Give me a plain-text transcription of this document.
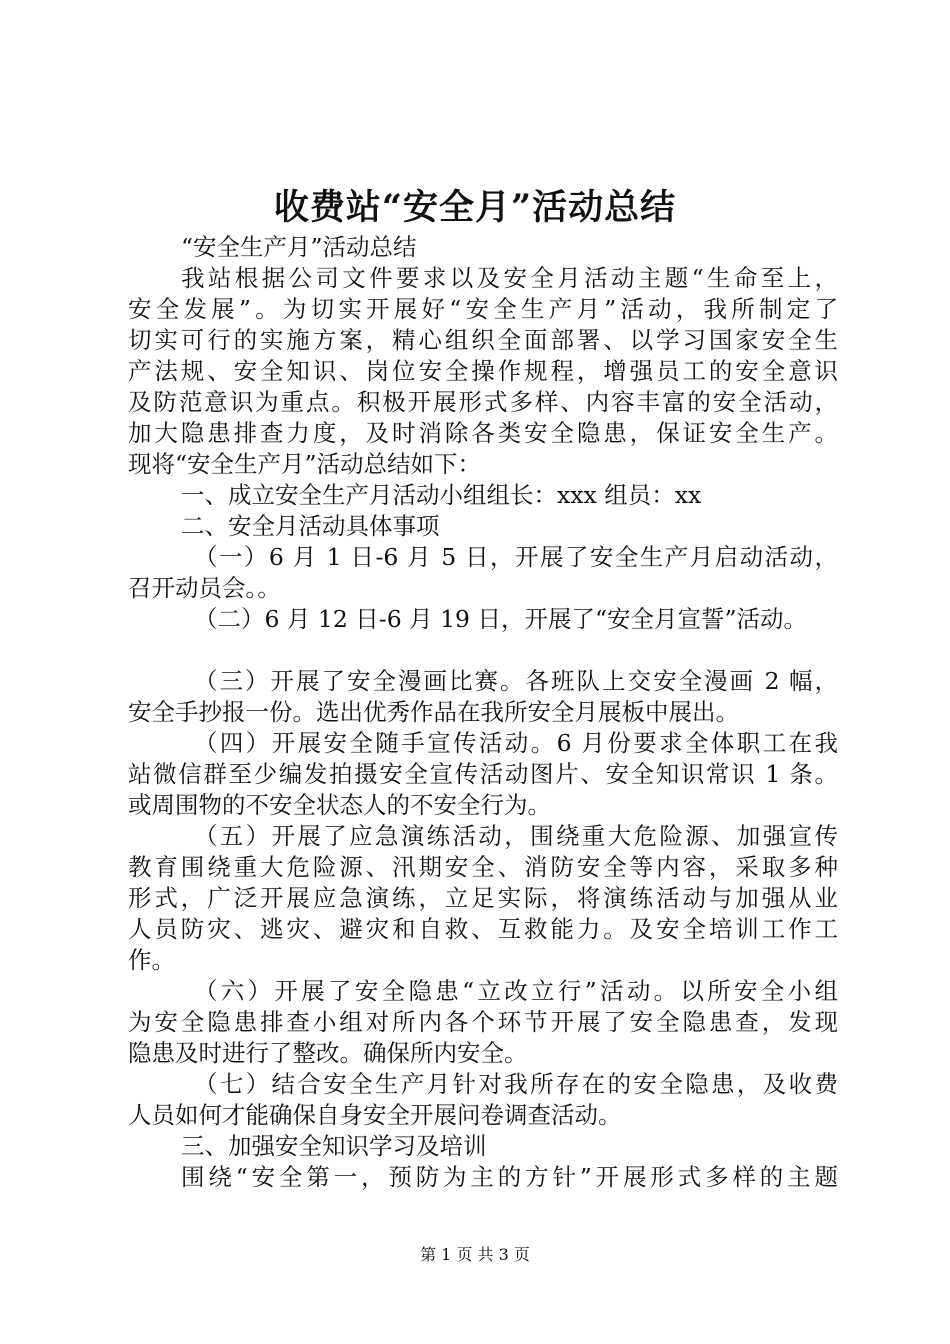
收费站“安全月”活动总结
“安全生产月”活动总结
我站根据公司文件要求以及安全月活动主题“生命至上，
安全发展”。为切实开展好“安全生产月”活动，我所制定了
切实可行的实施方案，精心组织全面部署、以学习国家安全生
产法规、安全知识、岗位安全操作规程，增强员工的安全意识
及防范意识为重点。积极开展形式多样、内容丰富的安全活动，
加大隐患排查力度，及时消除各类安全隐患，保证安全生产。
现将“安全生产月”活动总结如下：
一、成立安全生产月活动小组组长：xxx 组员：xx
二、安全月活动具体事项
（一）6 月 1 日-6 月 5 日，开展了安全生产月启动活动，
召开动员会。。
（二）6 月 12 日-6 月 19 日，开展了“安全月宣誓”活动。
（三）开展了安全漫画比赛。各班队上交安全漫画 2 幅，
安全手抄报一份。选出优秀作品在我所安全月展板中展出。
（四）开展安全随手宣传活动。6 月份要求全体职工在我
站微信群至少编发拍摄安全宣传活动图片、安全知识常识 1 条。
或周围物的不安全状态人的不安全行为。
（五）开展了应急演练活动，围绕重大危险源、加强宣传
教育围绕重大危险源、汛期安全、消防安全等内容，采取多种
形式，广泛开展应急演练，立足实际，将演练活动与加强从业
人员防灾、逃灾、避灾和自救、互救能力。及安全培训工作工
作。
（六）开展了安全隐患“立改立行”活动。以所安全小组
为安全隐患排查小组对所内各个环节开展了安全隐患查，发现
隐患及时进行了整改。确保所内安全。
（七）结合安全生产月针对我所存在的安全隐患，及收费
人员如何才能确保自身安全开展问卷调查活动。
三、加强安全知识学习及培训
围绕“安全第一，预防为主的方针”开展形式多样的主题
第 1 页 共 3 页
